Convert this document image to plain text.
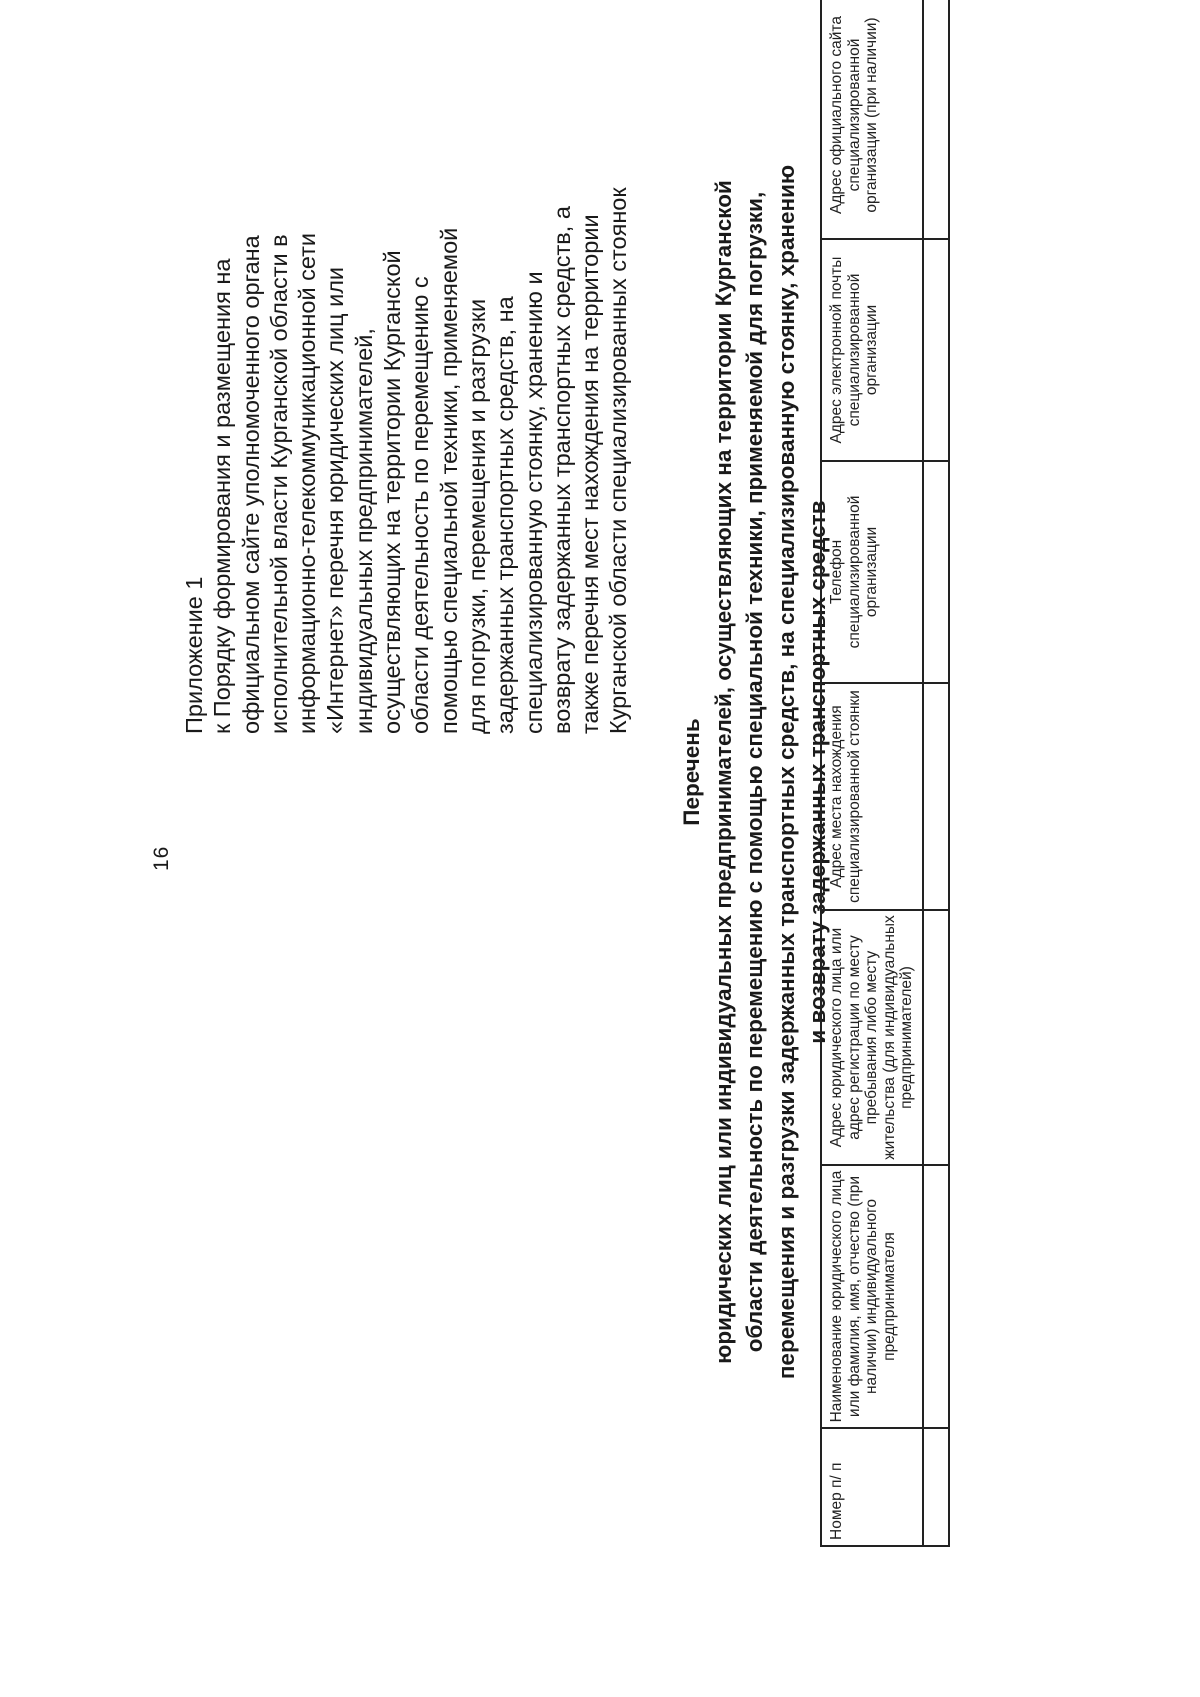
16
Приложение 1 к Порядку формирования и размещения на официальном сайте уполномоченного органа исполнительной власти Курганской области в информационно-телекоммуникационной сети «Интернет» перечня юридических лиц или индивидуальных предпринимателей, осуществляющих на территории Курганской области деятельность по перемещению с помощью специальной техники, применяемой для погрузки, перемещения и разгрузки задержанных транспортных средств, на специализированную стоянку, хранению и возврату задержанных транспортных средств, а также перечня мест нахождения на территории Курганской области специализированных стоянок
Перечень юридических лиц или индивидуальных предпринимателей, осуществляющих на территории Курганской области деятельность по перемещению с помощью специальной техники, применяемой для погрузки, перемещения и разгрузки задержанных транспортных средств, на специализированную стоянку, хранению и возврату задержанных транспортных средств
Номер п/ п	Наименование юридического лица или фамилия, имя, отчество (при наличии) индивидуального предпринимателя	Адрес юридического лица или адрес регистрации по месту пребывания либо месту жительства (для индивидуальных предпринимателей)	Адрес места нахождения специализированной стоянки	Телефон специализированной организации	Адрес электронной почты специализированной организации	Адрес официального сайта специализированной организации (при наличии)
